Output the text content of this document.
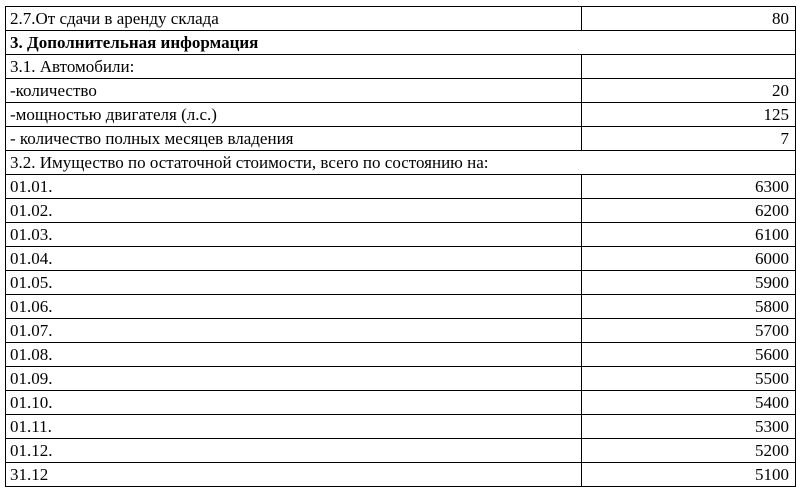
2.7.От сдачи в аренду склада	80
3. Дополнительная информация	
3.1. Автомобили:	
-количество	20
-мощностью двигателя (л.с.)	125
- количество полных месяцев владения	7
3.2. Имущество по остаточной стоимости, всего по состоянию на:	
01.01.	6300
01.02.	6200
01.03.	6100
01.04.	6000
01.05.	5900
01.06.	5800
01.07.	5700
01.08.	5600
01.09.	5500
01.10.	5400
01.11.	5300
01.12.	5200
31.12	5100
